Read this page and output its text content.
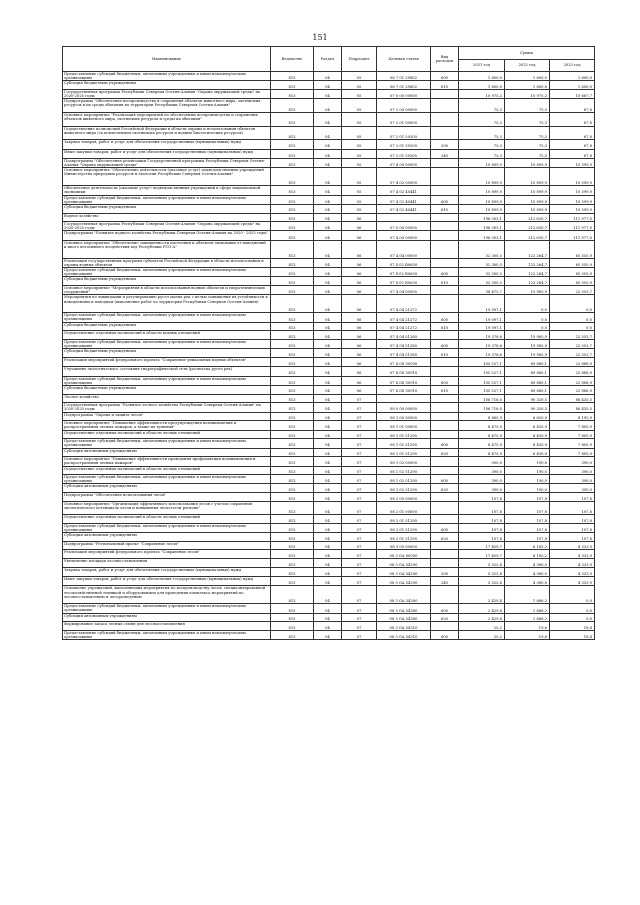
151
Наименование	Ведомство	Раздел	Подраздел	Целевая статья	Вид расходов	Сумма		
						2021 год	2022 год	2023 год
Предоставление субсидий бюджетным, автономным учреждениям и иным некоммерческим организациям	813	04	05	06 7 01 29802	600	1 600,0	1 600,0	1 600,0
Субсидии бюджетным учреждениям	813	04	05	06 7 01 29802	610	1 600,0	1 600,0	1 600,0
Государственная программа Республики Северная Осетия-Алания "Охрана окружающей среды" на 2020-2025 годы	813	04	05	07 0 00 00000		10 975,2	10 975,2	10 667,7
Подпрограмма "Обеспечение воспроизводства и сохранения объектов животного мира, охотничьих ресурсов и их среды обитания на территории Республики Северная Осетия-Алания"	813	04	05	07 2 00 00000		75,3	75,3	67,8
Основное мероприятие "Реализация мероприятий по обеспечению воспроизводства и сохранения объектов животного мира, охотничьих ресурсов и среды их обитания"	813	04	05	07 2 01 00000		75,3	75,3	67,8
Осуществление полномочий Российской Федерации в области охраны и использования объектов животного мира (за исключением охотничьих ресурсов и водных биологических ресурсов)	813	04	05	07 2 01 59200		75,3	75,3	67,8
Закупка товаров, работ и услуг для обеспечения государственных (муниципальных) нужд	813	04	05	07 2 01 59200	200	75,3	75,3	67,8
Иные закупки товаров, работ и услуг для обеспечения государственных (муниципальных) нужд	813	04	05	07 2 01 59200	240	75,3	75,3	67,8
Подпрограмма "Обеспечение реализации Государственной программы Республики Северная Осетия-Алания "Охрана окружающей среды"	813	04	05	07 4 00 00000		10 899,9	10 899,9	10 599,9
Основное мероприятие "Обеспечение деятельности (оказание услуг) подведомственных учреждений Министерства природных ресурсов и экологии Республики Северная Осетия-Алания"	813	04	05	07 4 02 00000		10 899,9	10 899,9	10 599,9
Обеспечение деятельности (оказание услуг) подведомственных учреждений в сфере национальной экономики	813	04	05	07 4 02 40441		10 899,9	10 899,9	10 599,9
Предоставление субсидий бюджетным, автономным учреждениям и иным некоммерческим организациям	813	04	05	07 4 02 40441	600	10 899,9	10 899,9	10 599,9
Субсидии бюджетным учреждениям	813	04	05	07 4 02 40441	610	10 899,9	10 899,9	10 599,9
Водное хозяйство	813	04	06			196 303,1	212 630,7	111 977,0
Государственная программа Республики Северная Осетия-Алания "Охрана окружающей среды" на 2020-2025 годы	813	04	06	07 0 00 00000		196 303,1	212 630,7	111 977,0
Подпрограмма "Развитие водного хозяйства Республики Северная Осетия-Алания на 2020 - 2025 годы"	813	04	06	07 4 00 00000		196 303,1	212 630,7	111 977,0
Основное мероприятие "Обеспечение защищенности населения и объектов экономики от наводнений и иного негативного воздействия вод Республики РСО-А"	813	04	06	07 4 04 00000		52 300,3	122 264,7	65 555,9
Реализация государственных программ субъектов Российской Федерации в области использования и охраны водных объектов	813	04	06	07 4 02 R0650		52 300,3	122 264,7	65 555,9
Предоставление субсидий бюджетным, автономным учреждениям и иным некоммерческим организациям	813	04	06	07 4 02 R0650	600	52 300,3	122 264,7	65 555,9
Субсидии бюджетным учреждениям	813	04	06	07 4 02 R0650	610	52 300,3	122 264,7	65 555,9
Основное мероприятие "Мероприятия в области использования водных объектов и гидротехнических сооружений"	813	04	06	07 4 04 00000		38 475,7	19 985,9	22 553,7
Мероприятия по ликвидации и регулированию русел малых рек с целью повышения их устойчивости к наводнениям и паводкам (выполнение работ по территории Республики Северная Осетия-Алания)	813	04	06	07 4 04 21272		19 097,1	0,0	0,0
Предоставление субсидий бюджетным, автономным учреждениям и иным некоммерческим организациям	813	04	06	07 4 04 21272	600	19 097,1	0,0	0,0
Субсидии бюджетным учреждениям	813	04	06	07 4 04 21272	610	19 097,1	0,0	0,0
Осуществление отдельных полномочий в области водных отношений	813	04	06	07 4 04 51280		19 378,6	19 985,9	22 553,7
Предоставление субсидий бюджетным, автономным учреждениям и иным некоммерческим организациям	813	04	06	07 4 04 51280	600	19 378,6	19 985,9	22 553,7
Субсидии бюджетным учреждениям	813	04	06	07 4 04 51280	610	19 378,6	19 985,9	22 553,7
Реализация мероприятий федерального проекта "Сохранение уникальных водных объектов"	813	04	06	07 4 G8 00000		105 527,1	69 880,1	23 888,9
Улучшение экологического состояния гидрографической сети (расчистка русел рек)	813	04	06	07 4 G8 50910		105 527,1	69 880,1	23 888,9
Предоставление субсидий бюджетным, автономным учреждениям и иным некоммерческим организациям	813	04	06	07 4 G8 50910	600	105 527,1	69 880,1	23 888,9
Субсидии бюджетным учреждениям	813	04	06	07 4 G8 50910	610	105 527,1	69 880,1	23 888,9
Лесное хозяйство	813	04	07			106 716,0	90 320,5	88 435,5
Государственная программа "Развитие лесного хозяйства Республики Северная Осетия-Алания" на 2020-2025 годы	813	04	07	08 0 00 00000		106 716,0	90 320,5	88 435,5
Подпрограмма "Охрана и защита лесов"	813	04	07	08 1 00 00000		8 865,9	6 620,9	8 195,9
Основное мероприятие "Повышение эффективности предупреждения возникновения и распространения лесных пожаров, а также их тушения"	813	04	07	08 1 01 00000		8 475,9	6 430,9	7 805,9
Осуществление отдельных полномочий в области лесных отношений	813	04	07	08 1 01 51290		8 475,9	6 430,9	7 805,9
Предоставление субсидий бюджетным, автономным учреждениям и иным некоммерческим организациям	813	04	07	08 1 01 51290	600	8 475,9	6 430,9	7 805,9
Субсидии автономным учреждениям	813	04	07	08 1 01 51290	620	8 475,9	6 430,9	7 805,9
Основное мероприятие "Повышение эффективности проведения профилактики возникновения и распространения лесных пожаров"	813	04	07	08 1 02 00000		390,0	190,0	390,0
Осуществление отдельных полномочий в области лесных отношений	813	04	07	08 1 02 51290		390,0	190,0	390,0
Предоставление субсидий бюджетным, автономным учреждениям и иным некоммерческим организациям	813	04	07	08 1 02 51290	600	390,0	190,0	390,0
Субсидии автономным учреждениям	813	04	07	08 1 02 51290	620	390,0	190,0	390,0
Подпрограмма "Обеспечение использования лесов"	813	04	07	08 2 00 00000		107,8	107,8	107,8
Основное мероприятие "Организация эффективного использования лесов с учетом сохранения экологического потенциала лесов и повышения лесистости региона"	813	04	07	08 2 01 00000		107,8	107,8	107,8
Осуществление отдельных полномочий в области лесных отношений	813	04	07	08 2 01 51290		107,8	107,8	107,8
Предоставление субсидий бюджетным, автономным учреждениям и иным некоммерческим организациям	813	04	07	08 2 01 51290	600	107,8	107,8	107,8
Субсидии автономным учреждениям	813	04	07	08 2 01 51290	620	107,8	107,8	107,8
Подпрограмма "Региональный проект "Сохранение лесов"	813	04	07	08 3 00 00000		17 459,7	6 185,2	4 333,9
Реализация мероприятий федерального проекта "Сохранение лесов"	813	04	07	08 3 GA 00000		17 459,7	6 185,2	4 333,9
Увеличение площади лесовосстановления	813	04	07	08 3 GA 54290		5 522,8	4 380,0	4 333,9
Закупка товаров, работ и услуг для обеспечения государственных (муниципальных) нужд	813	04	07	08 3 GA 54290	200	5 522,8	4 380,0	4 333,9
Иные закупки товаров, работ и услуг для обеспечения государственных (муниципальных) нужд	813	04	07	08 3 GA 54290	240	5 522,8	4 380,0	4 333,9
Оснащение учреждений, выполняющих мероприятия по воспроизводству лесов, специализированной лесохозяйственной техникой и оборудованием для проведения комплекса мероприятий по лесовосстановлению и лесоразведению	813	04	07	08 3 GA 54300		2 429,4	1 686,2	0,0
Предоставление субсидий бюджетным, автономным учреждениям и иным некоммерческим организациям	813	04	07	08 3 GA 54300	600	2 429,4	1 686,2	0,0
Субсидии автономным учреждениям	813	04	07	08 3 GA 54300	620	2 429,4	1 686,2	0,0
Формирование запаса лесных семян для лесовосстановления	813	04	07	08 3 GA 54310		25,2	19,6	18,4
Предоставление субсидий бюджетным, автономным учреждениям и иным некоммерческим организациям	813	04	07	08 3 GA 54310	600	25,2	19,6	18,4
